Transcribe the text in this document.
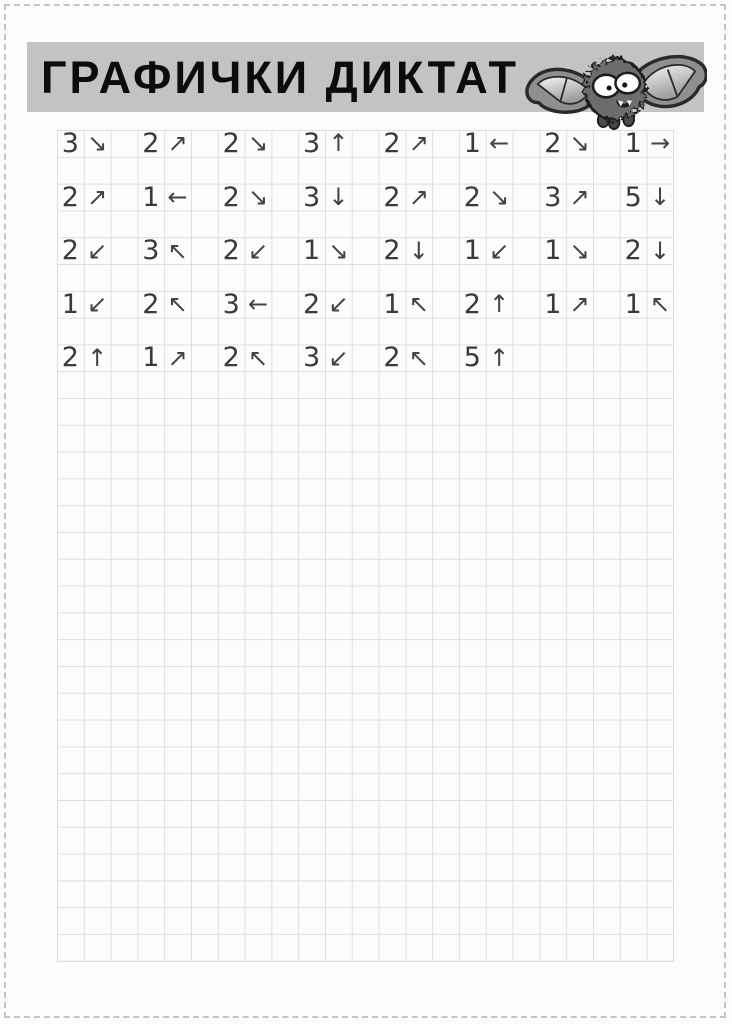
ГРАФИЧКИ ДИКТАТ
3 ↘ 2 ↗ 2 ↘ 3 ↑ 2 ↗ 1 ← 2 ↘ 1 →
2 ↗ 1 ← 2 ↘ 3 ↓ 2 ↗ 2 ↘ 3 ↗ 5 ↓
2 ↙ 3 ↖ 2 ↙ 1 ↘ 2 ↓ 1 ↙ 1 ↘ 2 ↓
1 ↙ 2 ↖ 3 ← 2 ↙ 1 ↖ 2 ↑ 1 ↗ 1 ↖
2 ↑ 1 ↗ 2 ↖ 3 ↙ 2 ↖ 5 ↑
